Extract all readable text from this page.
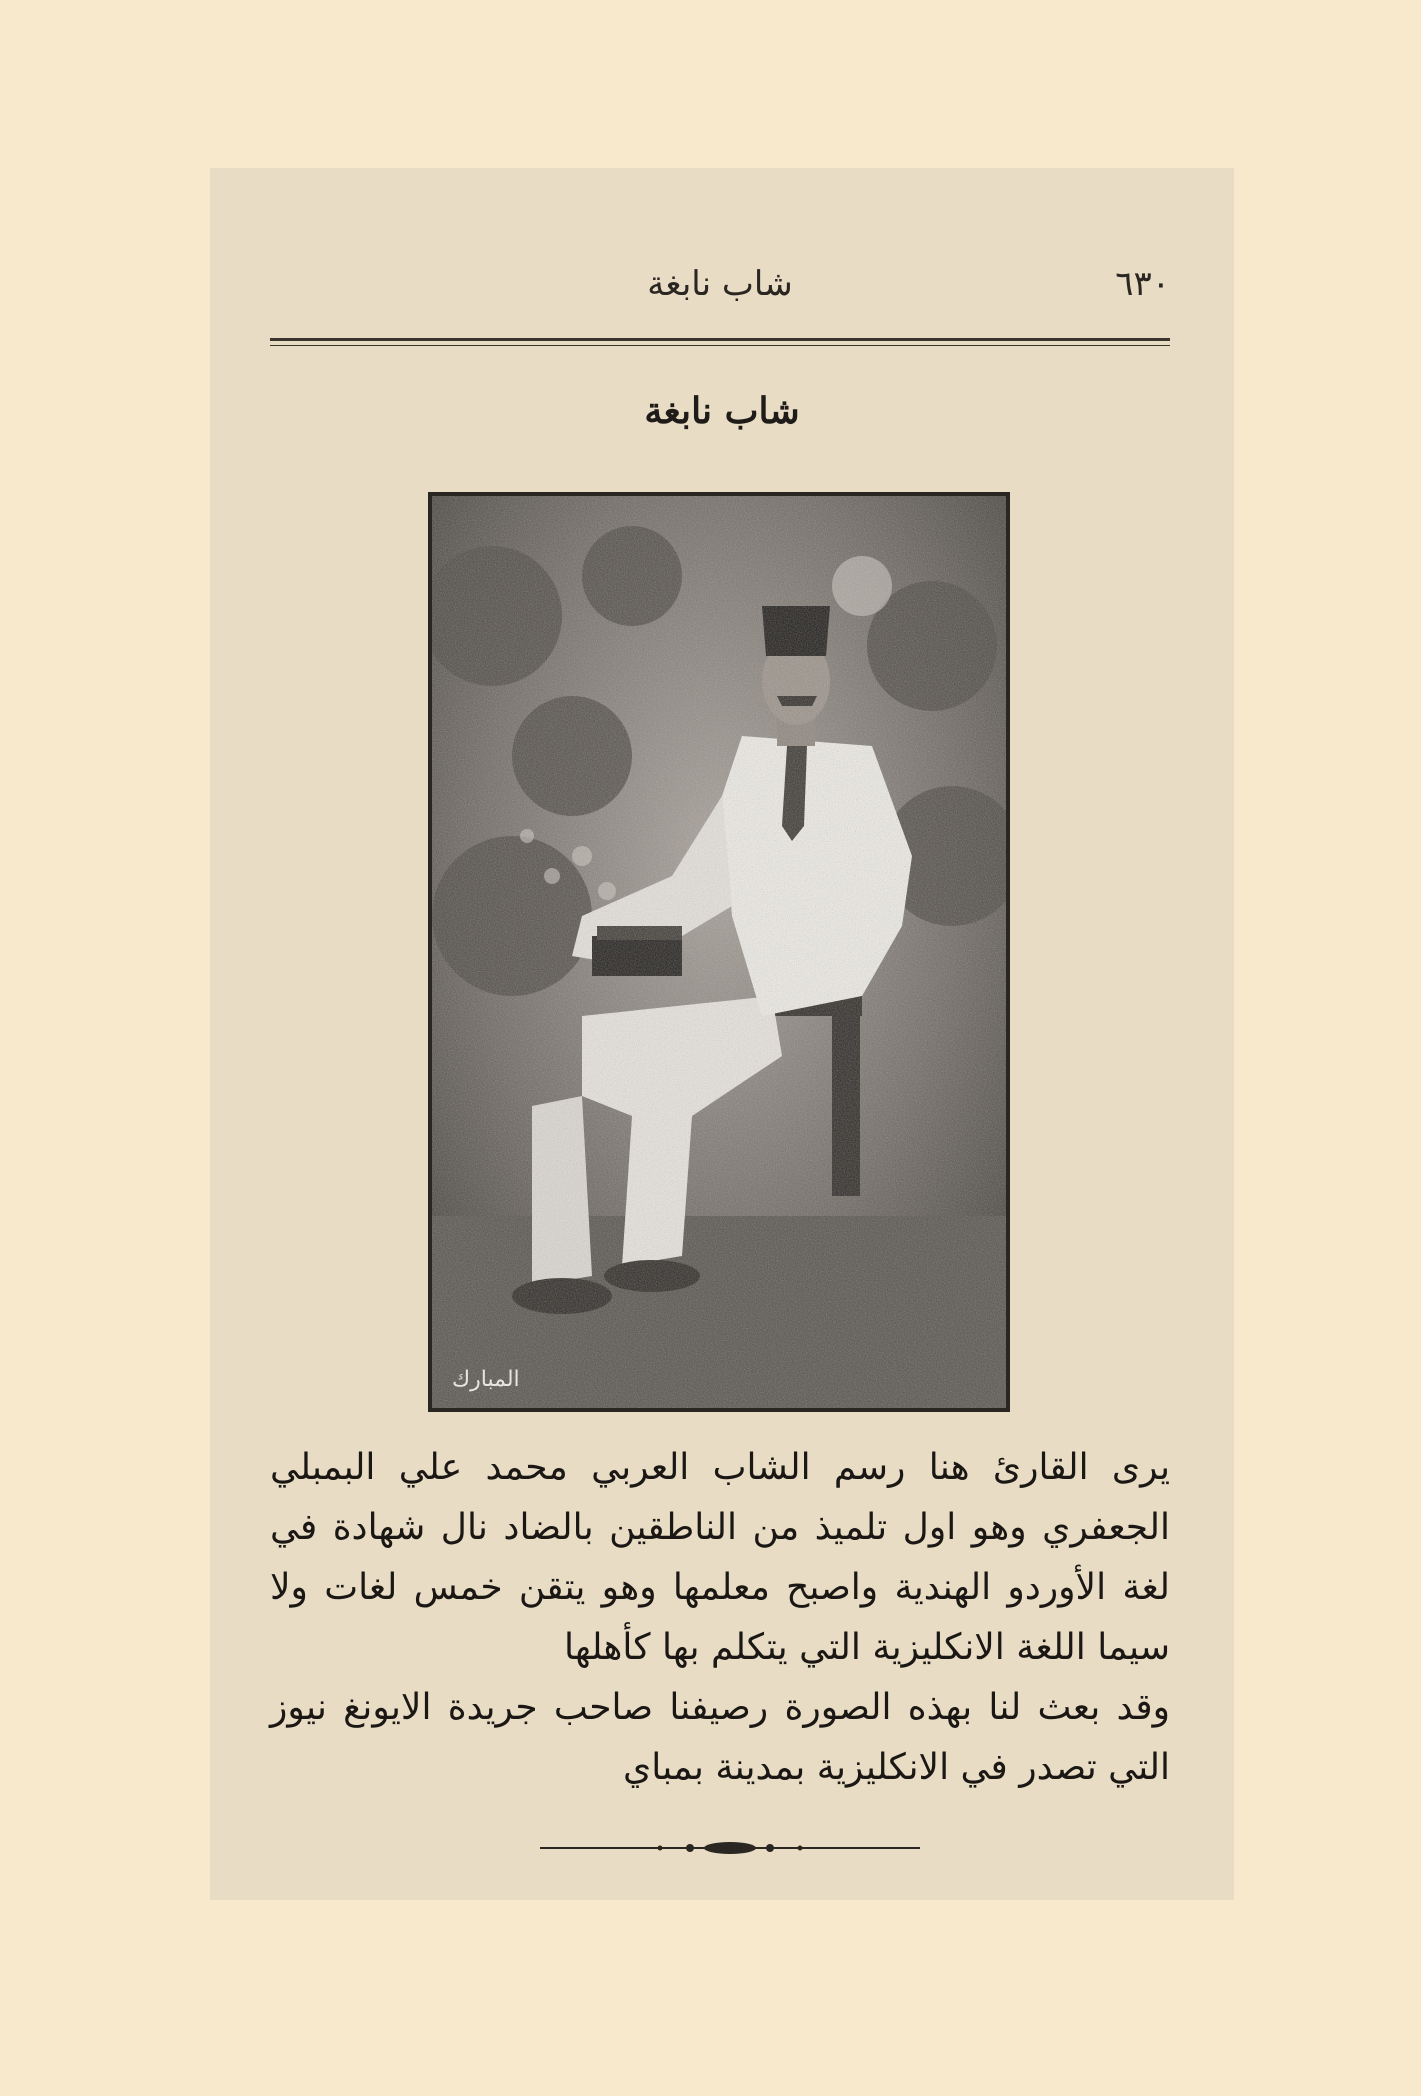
٦٣٠
شاب نابغة
شاب نابغة
المبارك

يرى القارئ هنا رسم الشاب العربي محمد علي البمبلي الجعفري وهو اول تلميذ من الناطقين بالضاد نال شهادة في لغة الأوردو الهندية واصبح معلمها وهو يتقن خمس لغات ولا سيما اللغة الانكليزية التي يتكلم بها كأهلها

وقد بعث لنا بهذه الصورة رصيفنا صاحب جريدة الايونغ نيوز التي تصدر في الانكليزية بمدينة بمباي
